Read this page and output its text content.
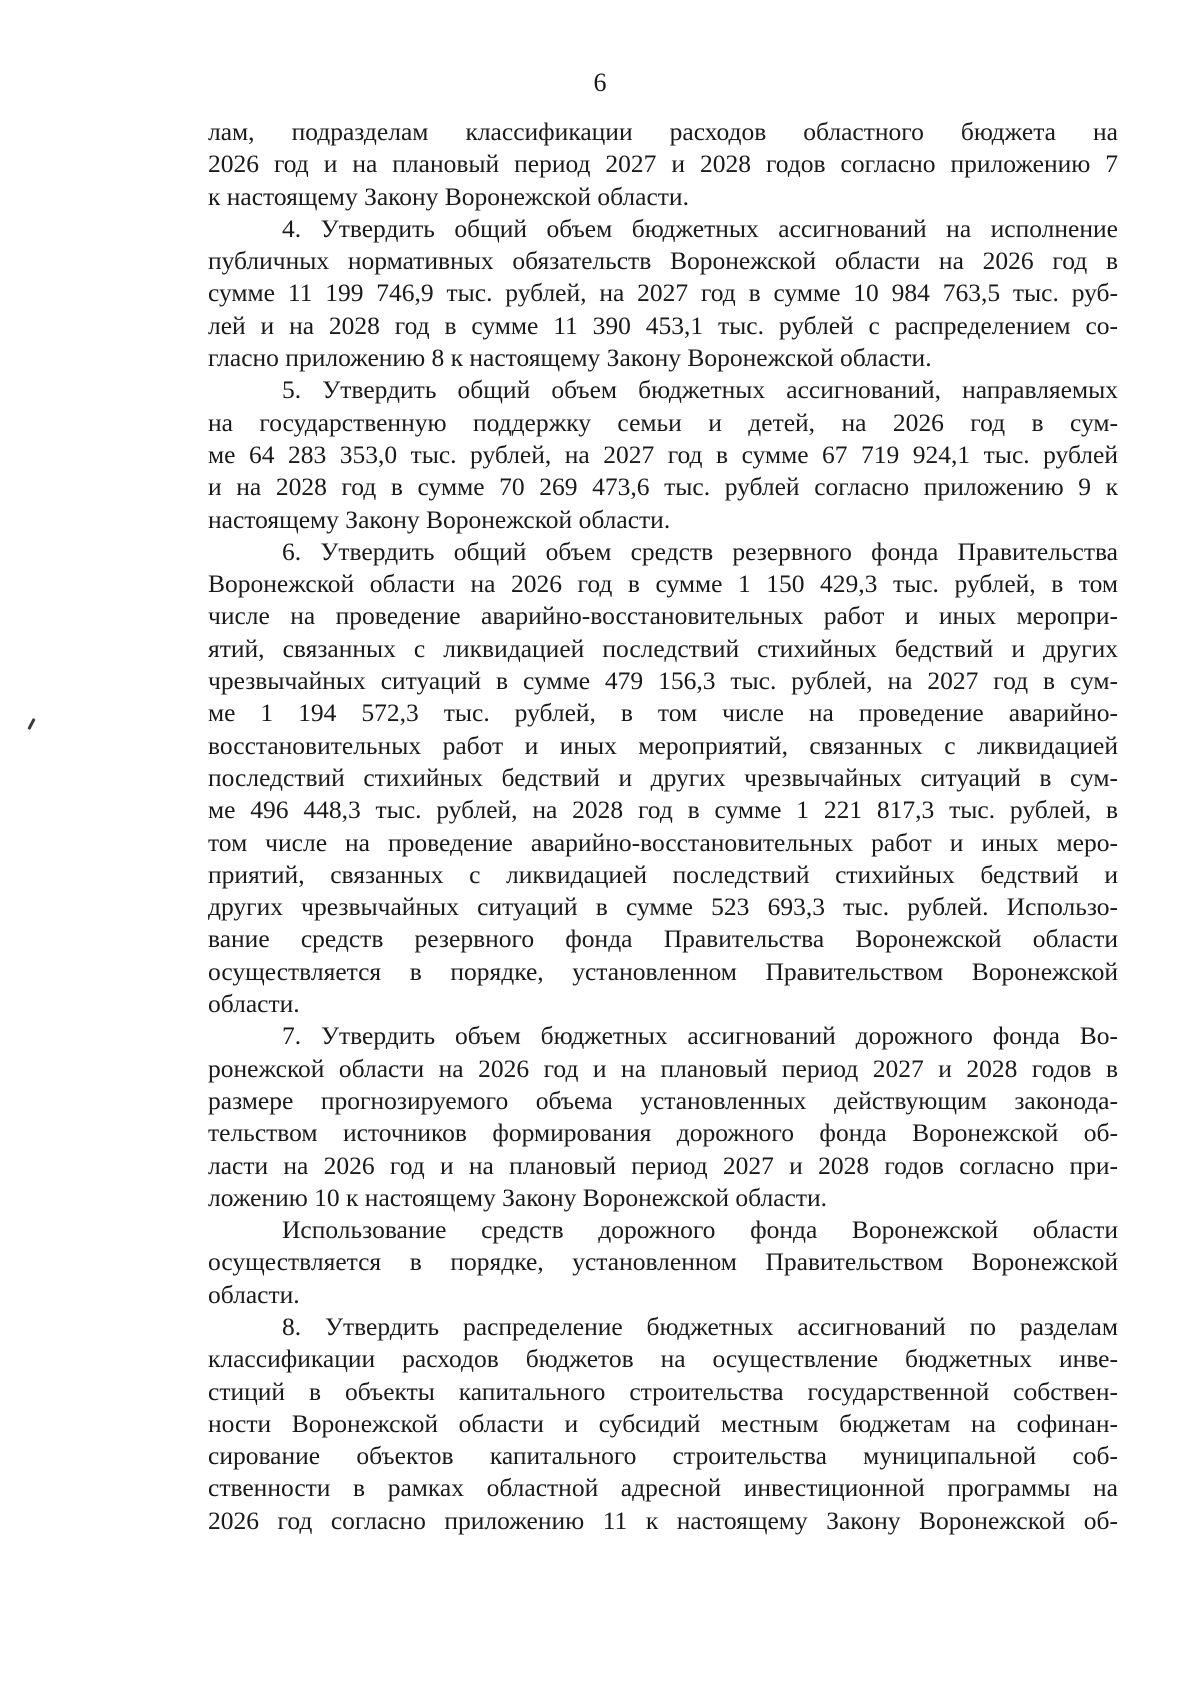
6
лам, подразделам классификации расходов областного бюджета на
2026 год и на плановый период 2027 и 2028 годов согласно приложению 7
к настоящему Закону Воронежской области.
4. Утвердить общий объем бюджетных ассигнований на исполнение
публичных нормативных обязательств Воронежской области на 2026 год в
сумме 11 199 746,9 тыс. рублей, на 2027 год в сумме 10 984 763,5 тыс. руб-
лей и на 2028 год в сумме 11 390 453,1 тыс. рублей с распределением со-
гласно приложению 8 к настоящему Закону Воронежской области.
5. Утвердить общий объем бюджетных ассигнований, направляемых
на государственную поддержку семьи и детей, на 2026 год в сум-
ме 64 283 353,0 тыс. рублей, на 2027 год в сумме 67 719 924,1 тыс. рублей
и на 2028 год в сумме 70 269 473,6 тыс. рублей согласно приложению 9 к
настоящему Закону Воронежской области.
6. Утвердить общий объем средств резервного фонда Правительства
Воронежской области на 2026 год в сумме 1 150 429,3 тыс. рублей, в том
числе на проведение аварийно-восстановительных работ и иных меропри-
ятий, связанных с ликвидацией последствий стихийных бедствий и других
чрезвычайных ситуаций в сумме 479 156,3 тыс. рублей, на 2027 год в сум-
ме 1 194 572,3 тыс. рублей, в том числе на проведение аварийно-
восстановительных работ и иных мероприятий, связанных с ликвидацией
последствий стихийных бедствий и других чрезвычайных ситуаций в сум-
ме 496 448,3 тыс. рублей, на 2028 год в сумме 1 221 817,3 тыс. рублей, в
том числе на проведение аварийно-восстановительных работ и иных меро-
приятий, связанных с ликвидацией последствий стихийных бедствий и
других чрезвычайных ситуаций в сумме 523 693,3 тыс. рублей. Использо-
вание средств резервного фонда Правительства Воронежской области
осуществляется в порядке, установленном Правительством Воронежской
области.
7. Утвердить объем бюджетных ассигнований дорожного фонда Во-
ронежской области на 2026 год и на плановый период 2027 и 2028 годов в
размере прогнозируемого объема установленных действующим законода-
тельством источников формирования дорожного фонда Воронежской об-
ласти на 2026 год и на плановый период 2027 и 2028 годов согласно при-
ложению 10 к настоящему Закону Воронежской области.
Использование средств дорожного фонда Воронежской области
осуществляется в порядке, установленном Правительством Воронежской
области.
8. Утвердить распределение бюджетных ассигнований по разделам
классификации расходов бюджетов на осуществление бюджетных инве-
стиций в объекты капитального строительства государственной собствен-
ности Воронежской области и субсидий местным бюджетам на софинан-
сирование объектов капитального строительства муниципальной соб-
ственности в рамках областной адресной инвестиционной программы на
2026 год согласно приложению 11 к настоящему Закону Воронежской об-
